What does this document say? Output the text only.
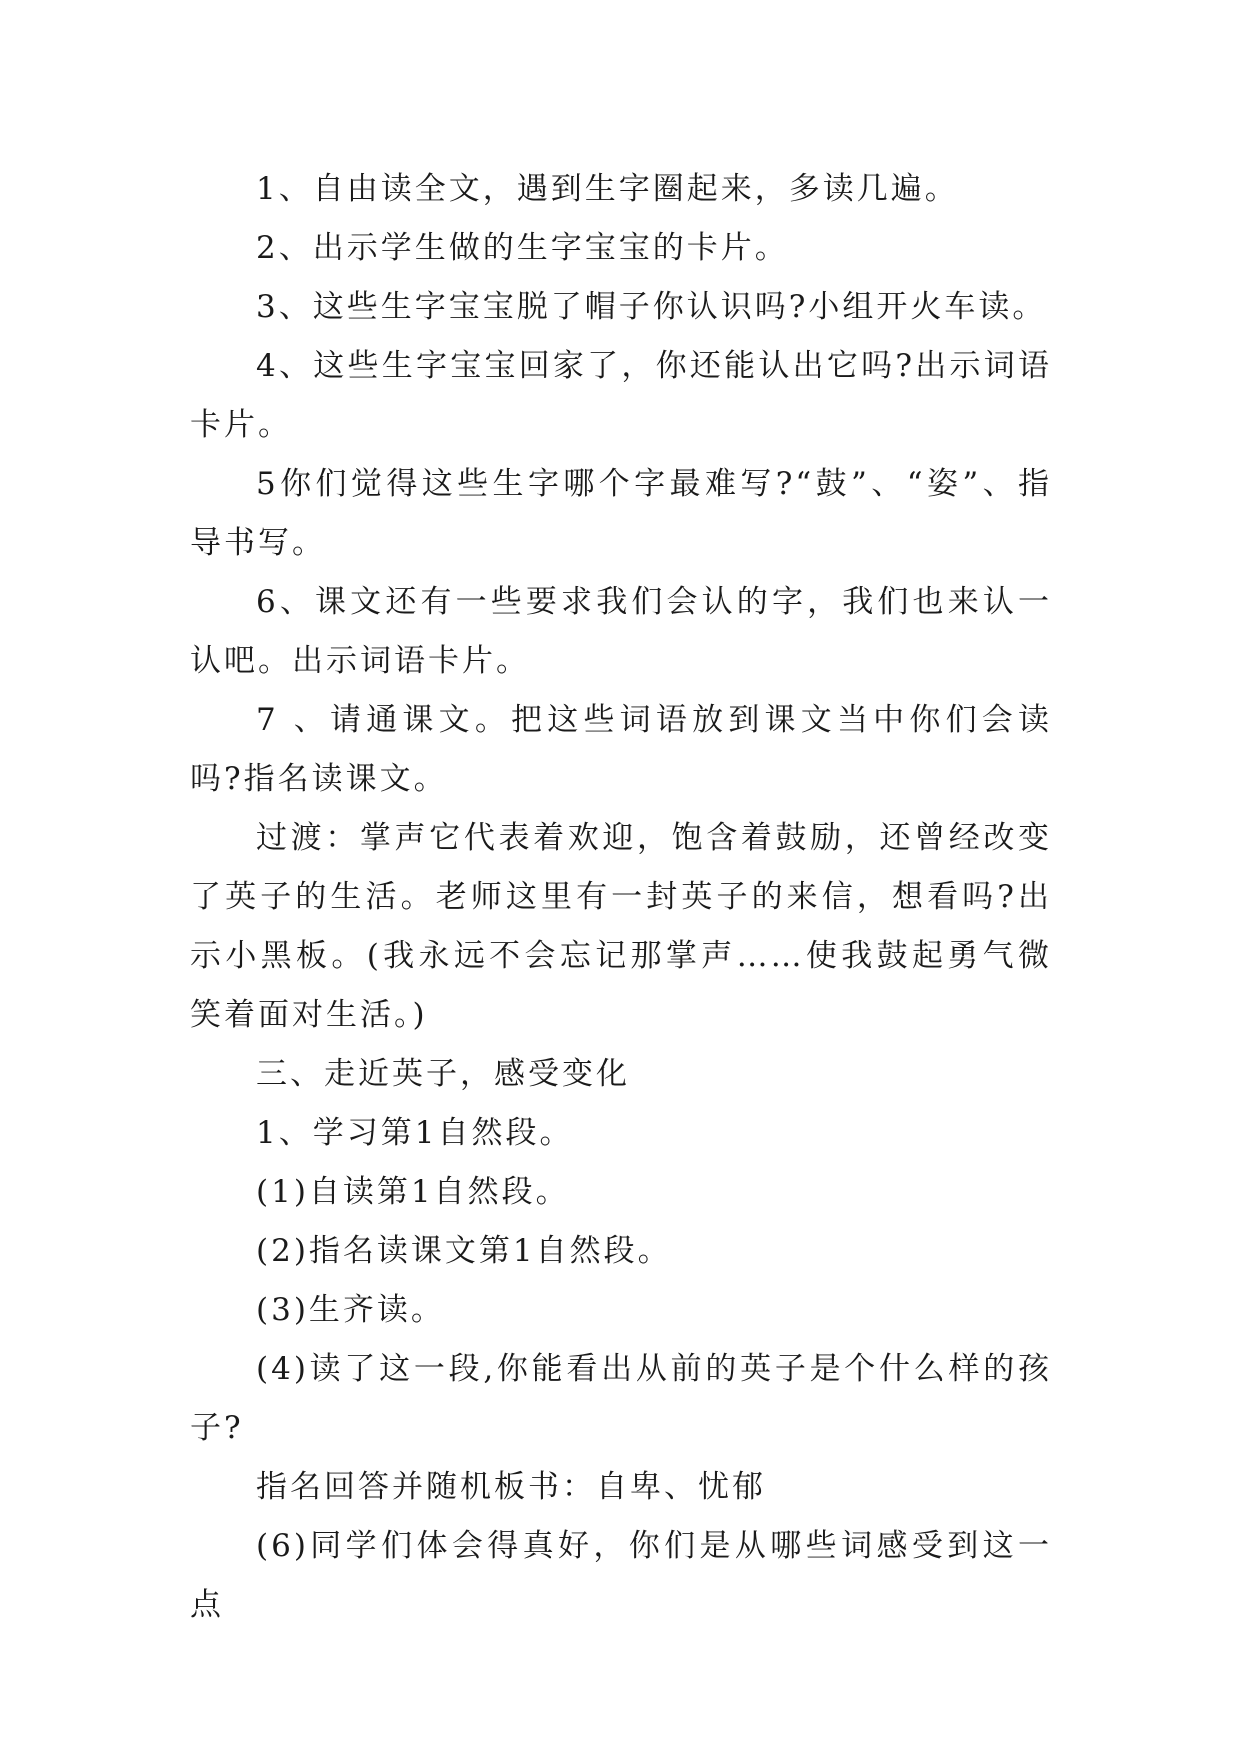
1、自由读全文，遇到生字圈起来，多读几遍。

2、出示学生做的生字宝宝的卡片。

3、这些生字宝宝脱了帽子你认识吗?小组开火车读。

4、这些生字宝宝回家了，你还能认出它吗?出示词语卡片。

5你们觉得这些生字哪个字最难写?“鼓”、“姿”、指导书写。

6、课文还有一些要求我们会认的字，我们也来认一认吧。出示词语卡片。

7 、请通课文。把这些词语放到课文当中你们会读吗?指名读课文。

过渡：掌声它代表着欢迎，饱含着鼓励，还曾经改变了英子的生活。老师这里有一封英子的来信，想看吗?出示小黑板。(我永远不会忘记那掌声……使我鼓起勇气微笑着面对生活。)

三、走近英子，感受变化

1、学习第1自然段。

(1)自读第1自然段。

(2)指名读课文第1自然段。

(3)生齐读。

(4)读了这一段,你能看出从前的英子是个什么样的孩子?

指名回答并随机板书：自卑、忧郁

(6)同学们体会得真好，你们是从哪些词感受到这一点
